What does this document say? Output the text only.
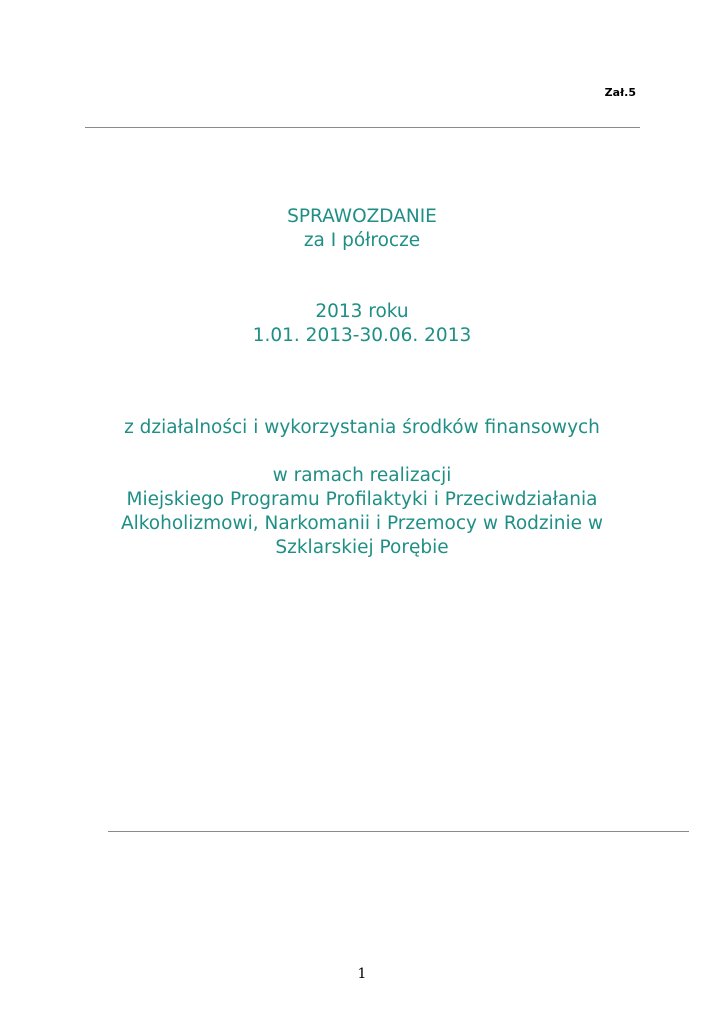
Zał.5
SPRAWOZDANIE
za I półrocze
2013 roku
1.01. 2013-30.06. 2013
z działalności i wykorzystania środków finansowych
w ramach realizacji
Miejskiego Programu Profilaktyki i Przeciwdziałania
Alkoholizmowi, Narkomanii i Przemocy w Rodzinie w
Szklarskiej Porębie
1
